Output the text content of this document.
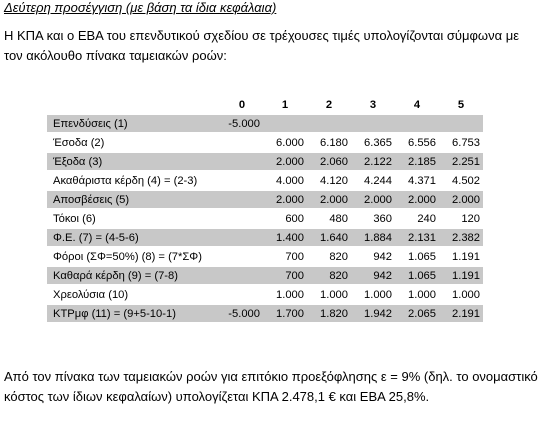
Δεύτερη προσέγγιση (με βάση τα ίδια κεφάλαια)
Η ΚΠΑ και ο ΕΒΑ του επενδυτικού σχεδίου σε τρέχουσες τιμές υπολογίζονται σύμφωνα με τον ακόλουθο πίνακα ταμειακών ροών:
	0	1	2	3	4	5
Επενδύσεις (1)	-5.000					
Έσοδα (2)		6.000	6.180	6.365	6.556	6.753
Έξοδα (3)		2.000	2.060	2.122	2.185	2.251
Ακαθάριστα κέρδη (4) = (2-3)		4.000	4.120	4.244	4.371	4.502
Αποσβέσεις (5)		2.000	2.000	2.000	2.000	2.000
Τόκοι (6)		600	480	360	240	120
Φ.Ε. (7) = (4-5-6)		1.400	1.640	1.884	2.131	2.382
Φόροι (ΣΦ=50%) (8) = (7*ΣΦ)		700	820	942	1.065	1.191
Καθαρά κέρδη (9) = (7-8)		700	820	942	1.065	1.191
Χρεολύσια (10)		1.000	1.000	1.000	1.000	1.000
ΚΤΡμφ (11) = (9+5-10-1)	-5.000	1.700	1.820	1.942	2.065	2.191
Από τον πίνακα των ταμειακών ροών για επιτόκιο προεξόφλησης ε = 9% (δηλ. το ονομαστικό κόστος των ίδιων κεφαλαίων) υπολογίζεται ΚΠΑ 2.478,1 € και ΕΒΑ 25,8%.
